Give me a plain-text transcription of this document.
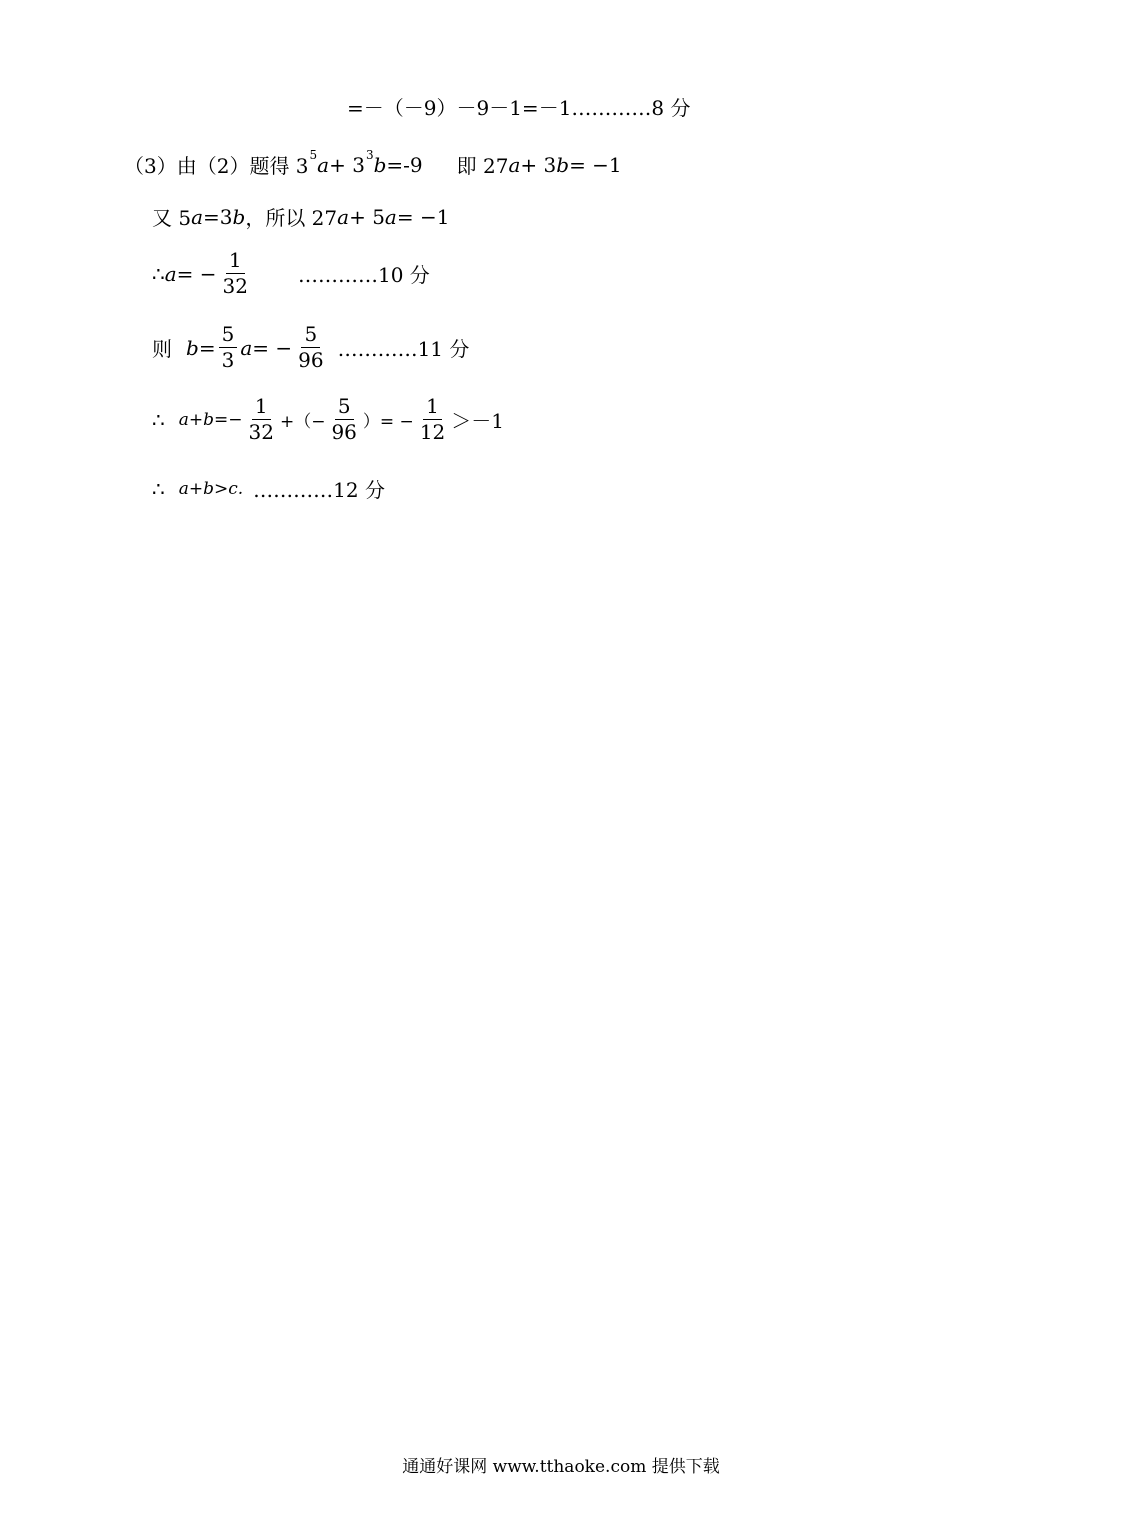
=－（－9）－9－1=－1…………8 分
（3）由（2）题得 3 5 a + 3 3 b =-9 即 27 a + 3 b = −1
又 5 a =3 b ，所以 27 a + 5 a = −1
∴ a = − $\frac{1}{32}$ …………10 分
则 $b = \frac{5}{3}$ a = − $\frac{5}{96}$ …………11 分
∴ $a+b =- \frac{1}{32}$ +（− $\frac{5}{96}$ ）= − $\frac{1}{12} >-1$
∴ a+b>c. …………12 分
通通好课网 www.tthaoke.com 提供下载
